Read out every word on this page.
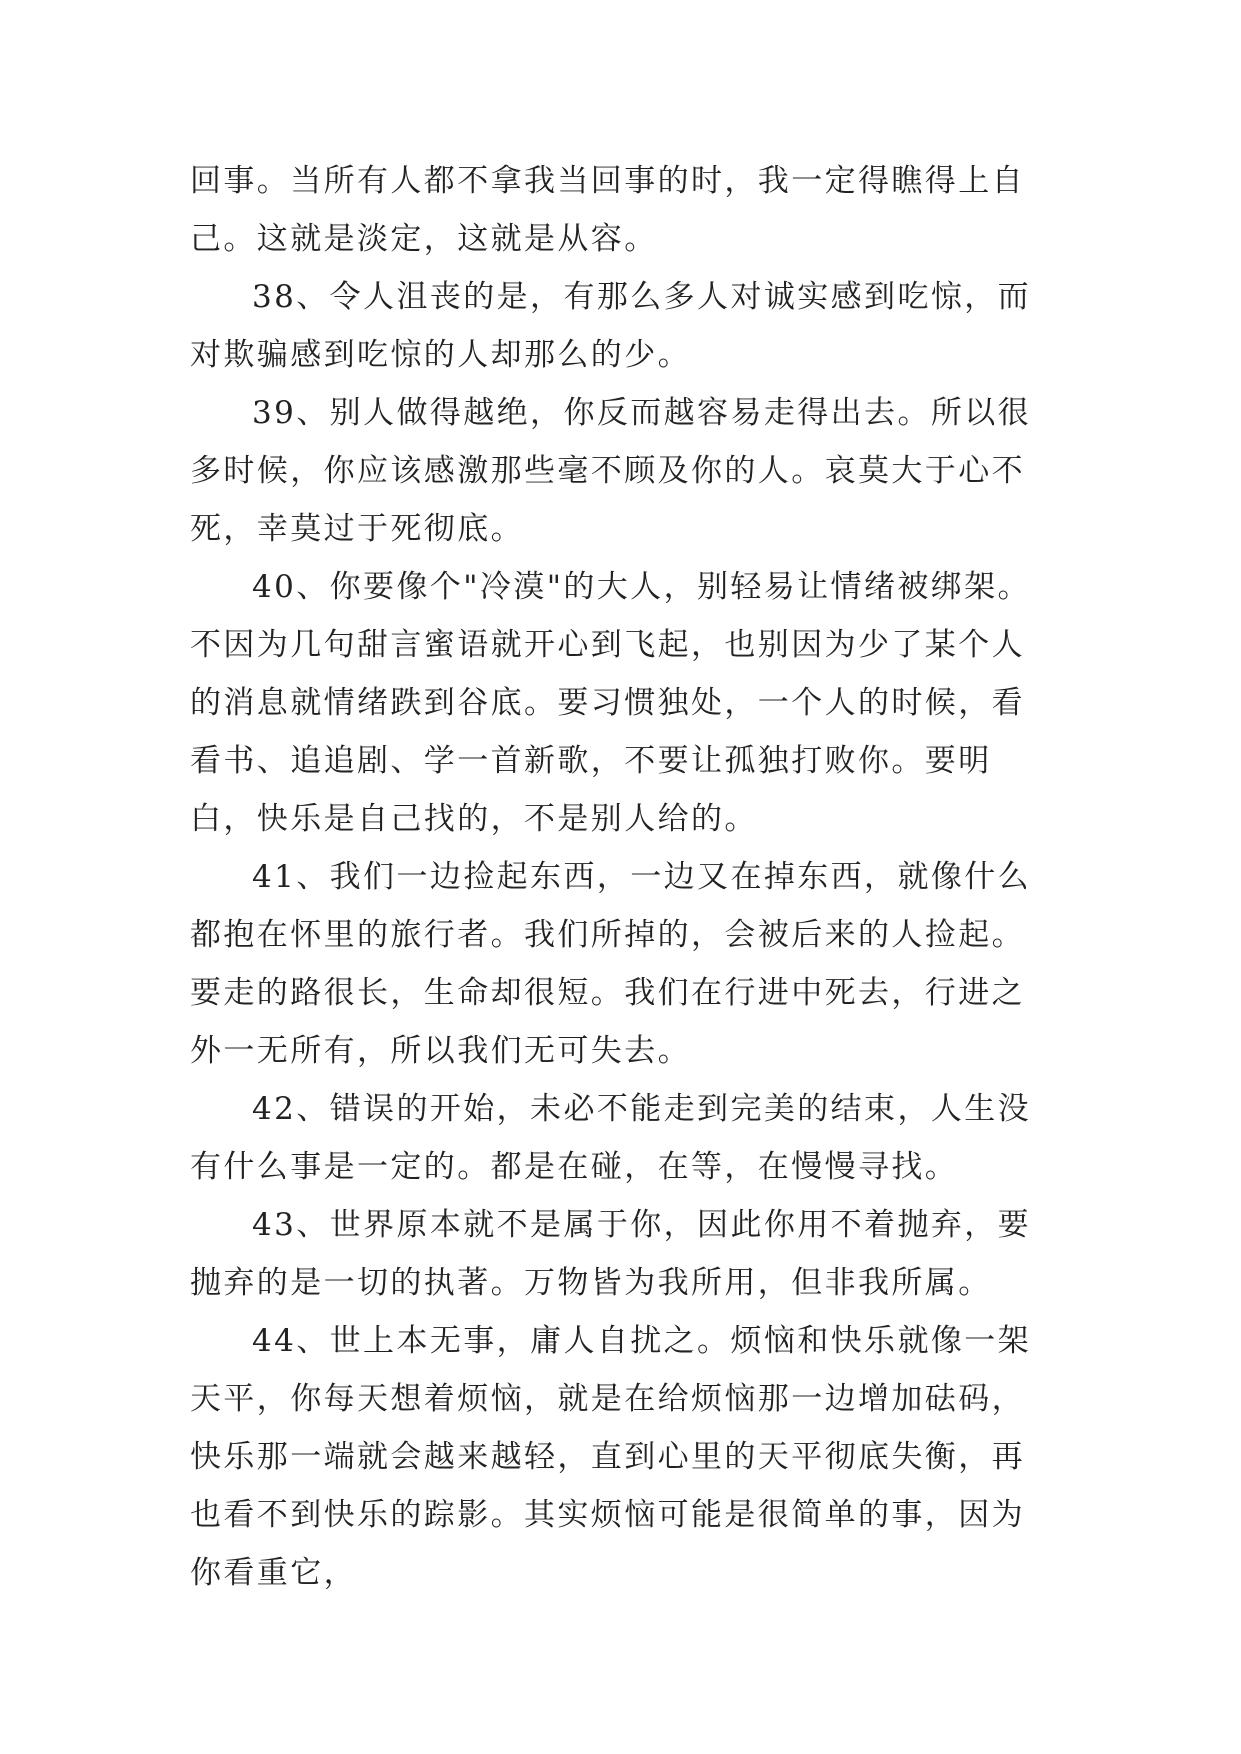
回事。当所有人都不拿我当回事的时，我一定得瞧得上自己。这就是淡定，这就是从容。

38、令人沮丧的是，有那么多人对诚实感到吃惊，而对欺骗感到吃惊的人却那么的少。

39、别人做得越绝，你反而越容易走得出去。所以很多时候，你应该感激那些毫不顾及你的人。哀莫大于心不死，幸莫过于死彻底。

40、你要像个"冷漠"的大人，别轻易让情绪被绑架。不因为几句甜言蜜语就开心到飞起，也别因为少了某个人的消息就情绪跌到谷底。要习惯独处，一个人的时候，看看书、追追剧、学一首新歌，不要让孤独打败你。要明白，快乐是自己找的，不是别人给的。

41、我们一边捡起东西，一边又在掉东西，就像什么都抱在怀里的旅行者。我们所掉的，会被后来的人捡起。要走的路很长，生命却很短。我们在行进中死去，行进之外一无所有，所以我们无可失去。

42、错误的开始，未必不能走到完美的结束，人生没有什么事是一定的。都是在碰，在等，在慢慢寻找。

43、世界原本就不是属于你，因此你用不着抛弃，要抛弃的是一切的执著。万物皆为我所用，但非我所属。

44、世上本无事，庸人自扰之。烦恼和快乐就像一架天平，你每天想着烦恼，就是在给烦恼那一边增加砝码，快乐那一端就会越来越轻，直到心里的天平彻底失衡，再也看不到快乐的踪影。其实烦恼可能是很简单的事，因为你看重它，
